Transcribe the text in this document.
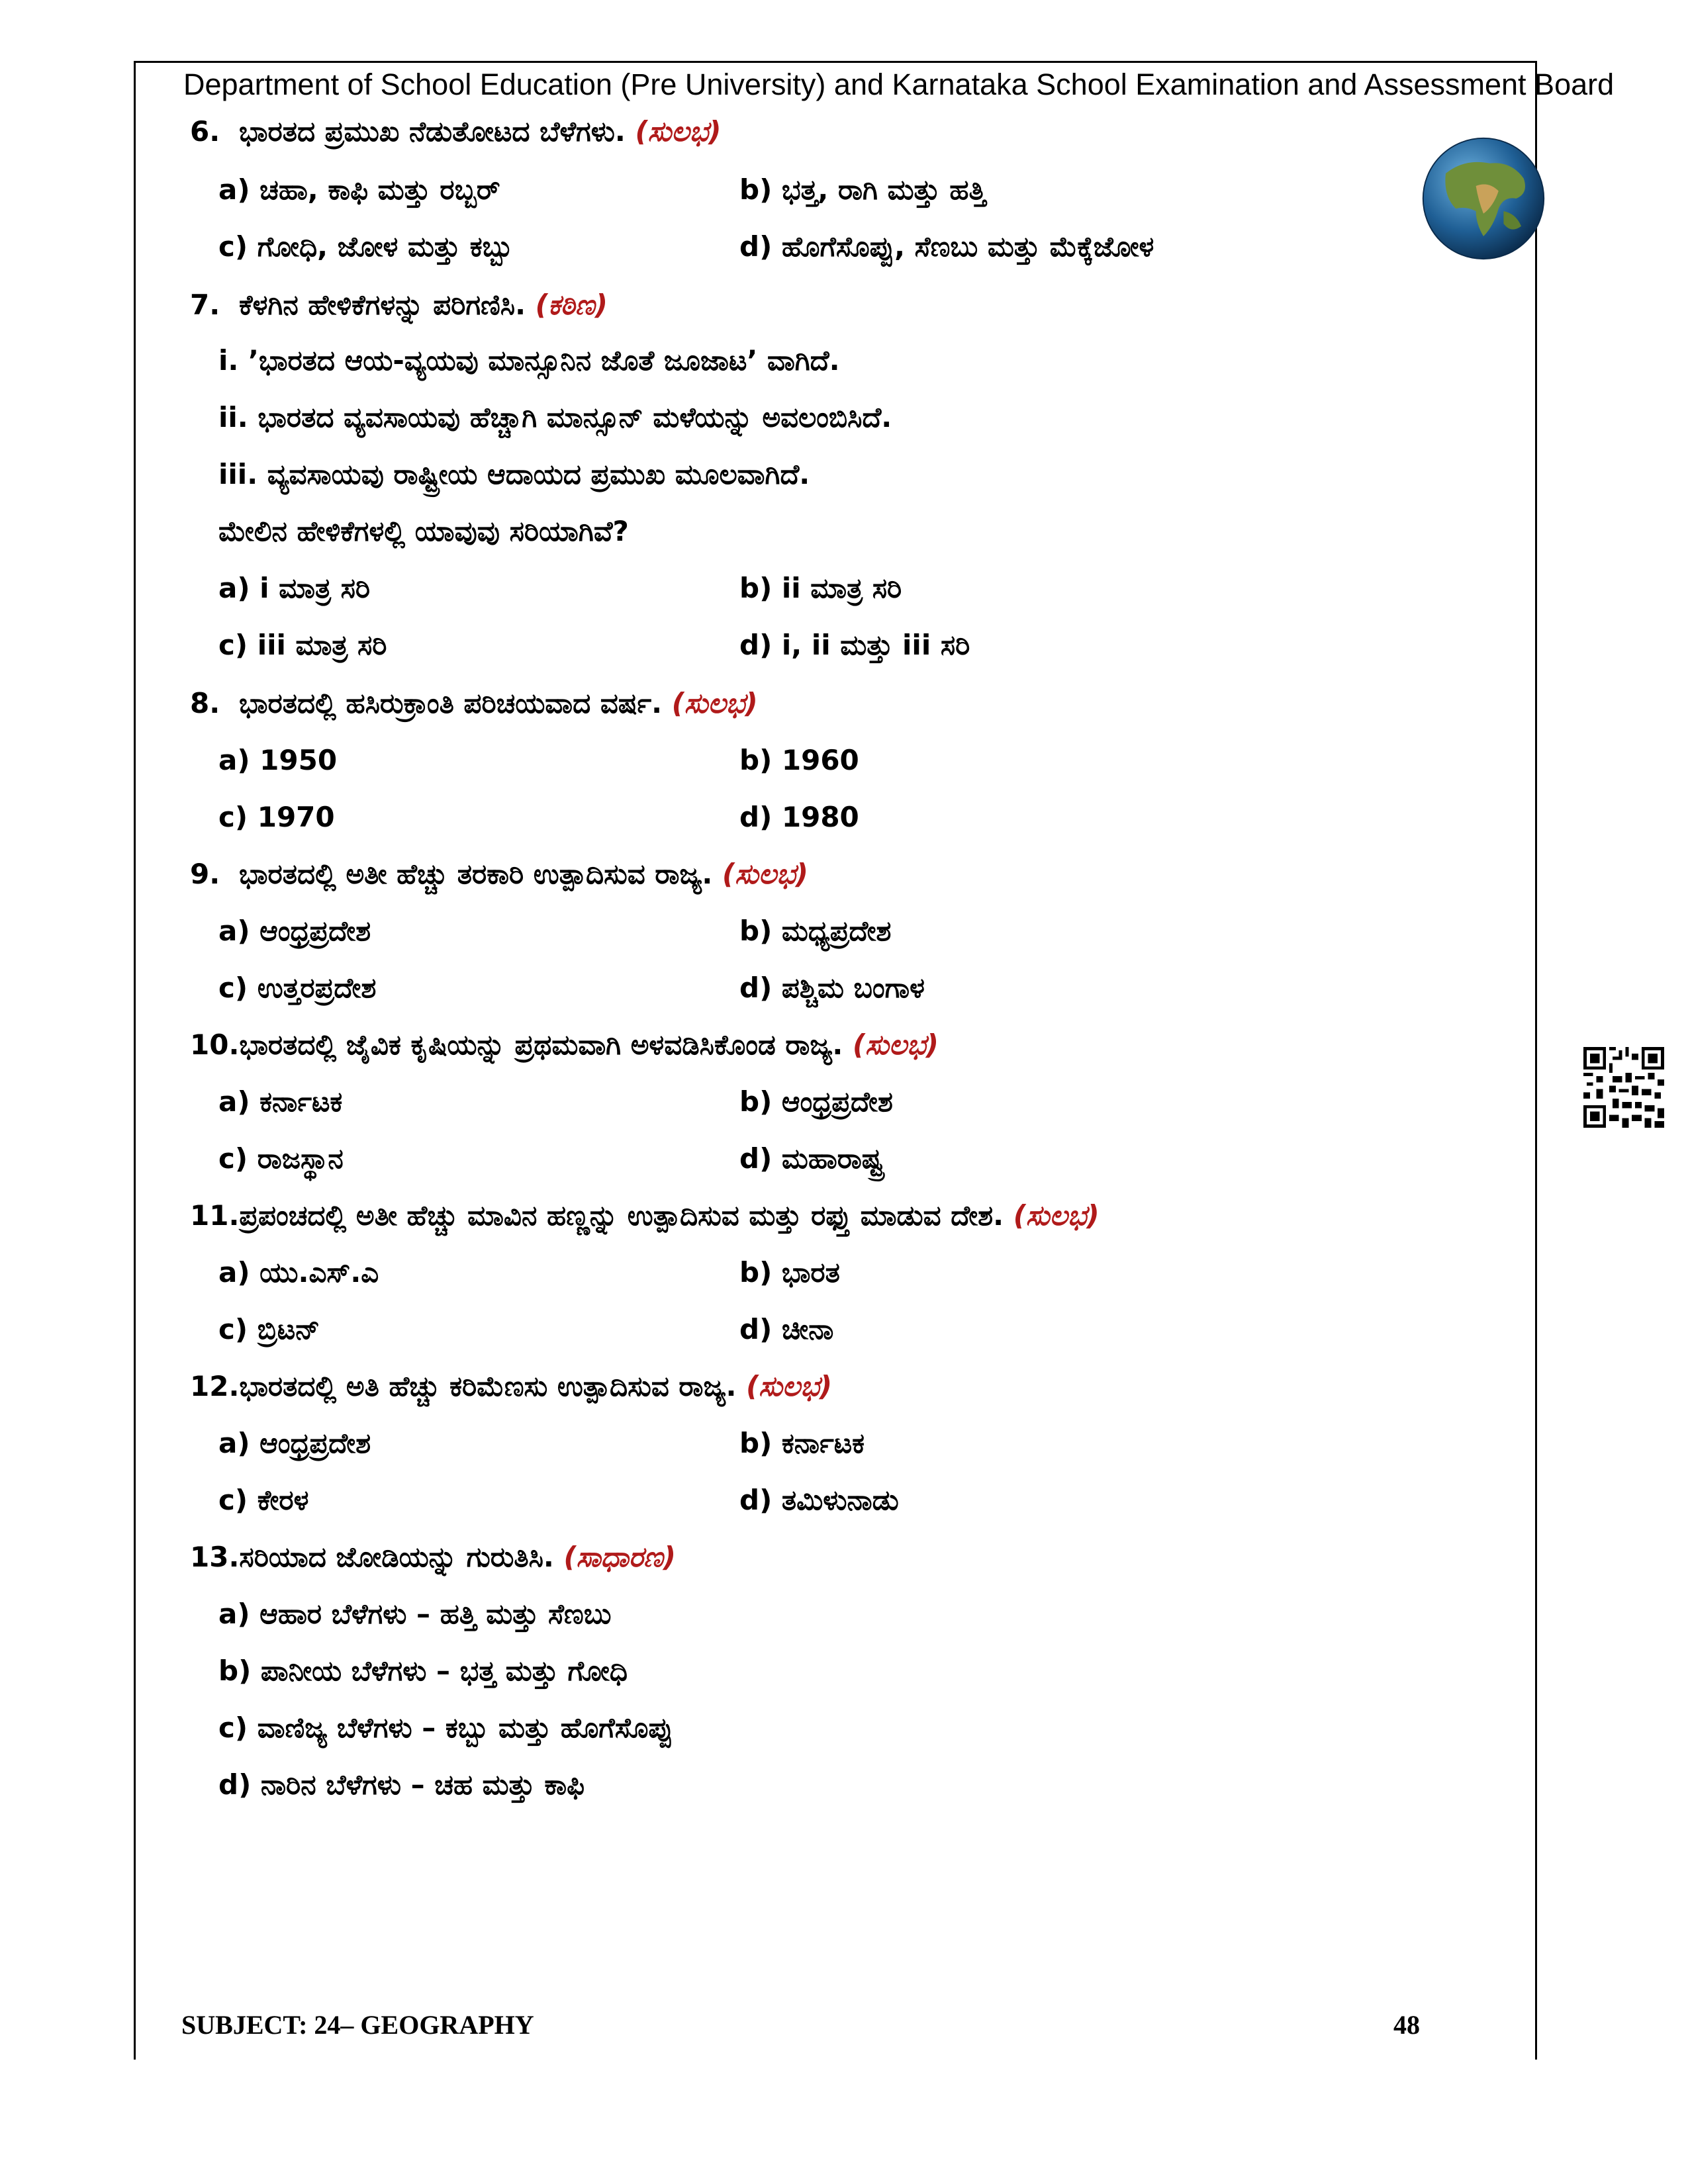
Department of School Education (Pre University) and Karnataka School Examination and Assessment Board
6. ಭಾರತದ ಪ್ರಮುಖ ನೆಡುತೋಟದ ಬೆಳೆಗಳು. (ಸುಲಭ)
a) ಚಹಾ, ಕಾಫಿ ಮತ್ತು ರಬ್ಬರ್	b) ಭತ್ತ, ರಾಗಿ ಮತ್ತು ಹತ್ತಿ
c) ಗೋಧಿ, ಜೋಳ ಮತ್ತು ಕಬ್ಬು	d) ಹೊಗೆಸೊಪ್ಪು, ಸೆಣಬು ಮತ್ತು ಮೆಕ್ಕೆಜೋಳ
7. ಕೆಳಗಿನ ಹೇಳಿಕೆಗಳನ್ನು ಪರಿಗಣಿಸಿ. (ಕಠಿಣ)
i. ’ಭಾರತದ ಆಯ-ವ್ಯಯವು ಮಾನ್ಸೂನಿನ ಜೊತೆ ಜೂಜಾಟ’ ವಾಗಿದೆ.
ii. ಭಾರತದ ವ್ಯವಸಾಯವು ಹೆಚ್ಚಾಗಿ ಮಾನ್ಸೂನ್ ಮಳೆಯನ್ನು ಅವಲಂಬಿಸಿದೆ.
iii. ವ್ಯವಸಾಯವು ರಾಷ್ಟ್ರೀಯ ಆದಾಯದ ಪ್ರಮುಖ ಮೂಲವಾಗಿದೆ.
ಮೇಲಿನ ಹೇಳಿಕೆಗಳಲ್ಲಿ ಯಾವುವು ಸರಿಯಾಗಿವೆ?
a) i ಮಾತ್ರ ಸರಿ	b) ii ಮಾತ್ರ ಸರಿ
c) iii ಮಾತ್ರ ಸರಿ	d) i, ii ಮತ್ತು iii ಸರಿ
8. ಭಾರತದಲ್ಲಿ ಹಸಿರುಕ್ರಾಂತಿ ಪರಿಚಯವಾದ ವರ್ಷ. (ಸುಲಭ)
a) 1950	b) 1960
c) 1970	d) 1980
9. ಭಾರತದಲ್ಲಿ ಅತೀ ಹೆಚ್ಚು ತರಕಾರಿ ಉತ್ಪಾದಿಸುವ ರಾಜ್ಯ. (ಸುಲಭ)
a) ಆಂಧ್ರಪ್ರದೇಶ	b) ಮಧ್ಯಪ್ರದೇಶ
c) ಉತ್ತರಪ್ರದೇಶ	d) ಪಶ್ಚಿಮ ಬಂಗಾಳ
10.ಭಾರತದಲ್ಲಿ ಜೈವಿಕ ಕೃಷಿಯನ್ನು ಪ್ರಥಮವಾಗಿ ಅಳವಡಿಸಿಕೊಂಡ ರಾಜ್ಯ. (ಸುಲಭ)
a) ಕರ್ನಾಟಕ	b) ಆಂಧ್ರಪ್ರದೇಶ
c) ರಾಜಸ್ಥಾನ	d) ಮಹಾರಾಷ್ಟ್ರ
11.ಪ್ರಪಂಚದಲ್ಲಿ ಅತೀ ಹೆಚ್ಚು ಮಾವಿನ ಹಣ್ಣನ್ನು ಉತ್ಪಾದಿಸುವ ಮತ್ತು ರಫ್ತು ಮಾಡುವ ದೇಶ. (ಸುಲಭ)
a) ಯು.ಎಸ್.ಎ	b) ಭಾರತ
c) ಬ್ರಿಟನ್	d) ಚೀನಾ
12.ಭಾರತದಲ್ಲಿ ಅತಿ ಹೆಚ್ಚು ಕರಿಮೆಣಸು ಉತ್ಪಾದಿಸುವ ರಾಜ್ಯ. (ಸುಲಭ)
a) ಆಂಧ್ರಪ್ರದೇಶ	b) ಕರ್ನಾಟಕ
c) ಕೇರಳ	d) ತಮಿಳುನಾಡು
13.ಸರಿಯಾದ ಜೋಡಿಯನ್ನು ಗುರುತಿಸಿ. (ಸಾಧಾರಣ)
a) ಆಹಾರ ಬೆಳೆಗಳು – ಹತ್ತಿ ಮತ್ತು ಸೆಣಬು
b) ಪಾನೀಯ ಬೆಳೆಗಳು – ಭತ್ತ ಮತ್ತು ಗೋಧಿ
c) ವಾಣಿಜ್ಯ ಬೆಳೆಗಳು – ಕಬ್ಬು ಮತ್ತು ಹೊಗೆಸೊಪ್ಪು
d) ನಾರಿನ ಬೆಳೆಗಳು – ಚಹ ಮತ್ತು ಕಾಫಿ
SUBJECT: 24– GEOGRAPHY	48
